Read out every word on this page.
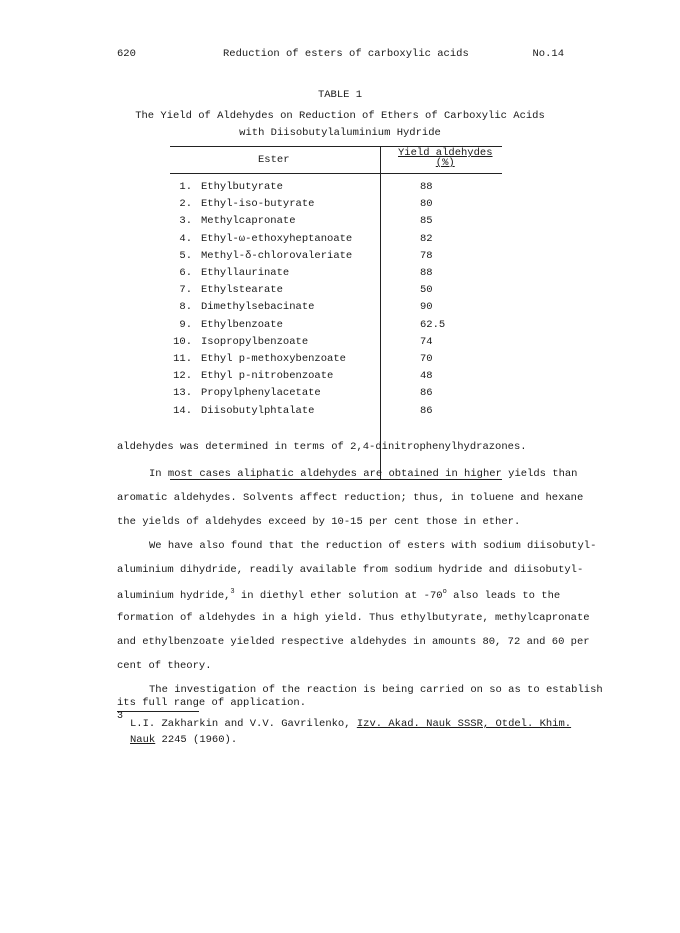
620	Reduction of esters of carboxylic acids	No.14
TABLE 1
The Yield of Aldehydes on Reduction of Ethers of Carboxylic Acids
with Diisobutylaluminium Hydride
Ester
Yield aldehydes
(%)
1. Ethylbutyrate	88
2. Ethyl-iso-butyrate	80
3. Methylcapronate	85
4. Ethyl-ω-ethoxyheptanoate	82
5. Methyl-δ-chlorovaleriate	78
6. Ethyllaurinate	88
7. Ethylstearate	50
8. Dimethylsebacinate	90
9. Ethylbenzoate	62.5
10. Isopropylbenzoate	74
11. Ethyl p-methoxybenzoate	70
12. Ethyl p-nitrobenzoate	48
13. Propylphenylacetate	86
14. Diisobutylphtalate	86
aldehydes was determined in terms of 2,4-dinitrophenylhydrazones.
In most cases aliphatic aldehydes are obtained in higher yields than
aromatic aldehydes. Solvents affect reduction; thus, in toluene and hexane
the yields of aldehydes exceed by 10-15 per cent those in ether.
We have also found that the reduction of esters with sodium diisobutyl-
aluminium dihydride, readily available from sodium hydride and diisobutyl-
aluminium hydride,$^3$ in diethyl ether solution at -70$^o$ also leads to the
formation of aldehydes in a high yield. Thus ethylbutyrate, methylcapronate
and ethylbenzoate yielded respective aldehydes in amounts 80, 72 and 60 per
cent of theory.
The investigation of the reaction is being carried on so as to establish
its full range of application.
3
L.I. Zakharkin and V.V. Gavrilenko, Izv. Akad. Nauk SSSR, Otdel. Khim.
Nauk 2245 (1960).
